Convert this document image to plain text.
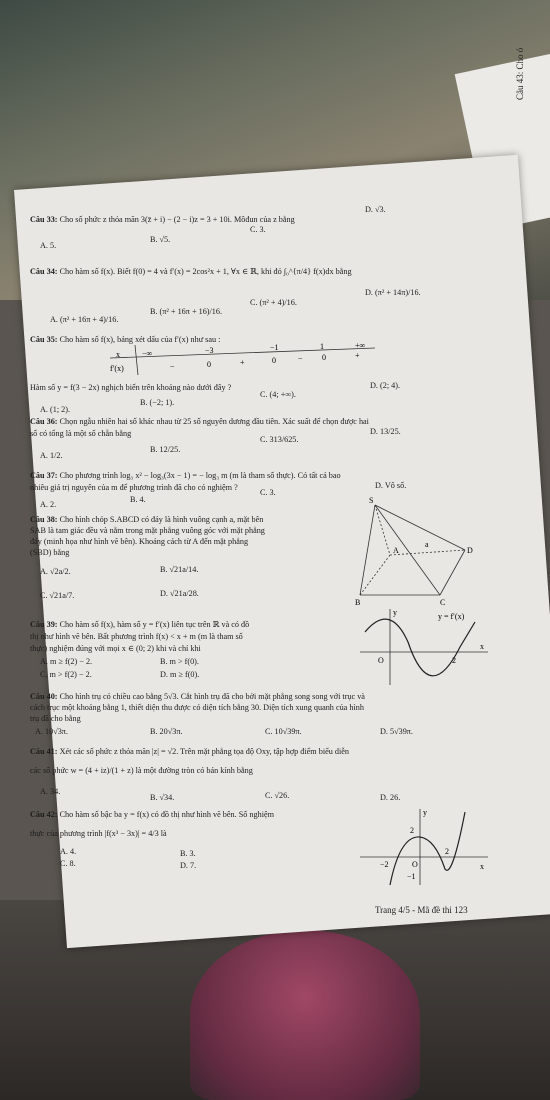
Câu 43: Cho ó
Câu 33: Cho số phức z thỏa mãn 3(z̄ + i) − (2 − i)z = 3 + 10i. Môđun của z bằng
A. 5.
B. √5.
C. 3.
D. √3.
Câu 34: Cho hàm số f(x). Biết f(0) = 4 và f′(x) = 2cos²x + 1, ∀x ∈ ℝ, khi đó ∫₀^{π/4} f(x)dx bằng
A. (π² + 16π + 4)/16.
B. (π² + 16π + 16)/16.
C. (π² + 4)/16.
D. (π² + 14π)/16.
Câu 35: Cho hàm số f(x), bảng xét dấu của f′(x) như sau :
x	−∞	−3	−1	1	+∞
f′(x)	−	0	+	0	− 0	+
Hàm số y = f(3 − 2x) nghịch biến trên khoảng nào dưới đây ?
A. (1; 2).
B. (−2; 1).
C. (4; +∞).
D. (2; 4).
Câu 36: Chọn ngẫu nhiên hai số khác nhau từ 25 số nguyên dương đầu tiên. Xác suất để chọn được hai
số có tổng là một số chẵn bằng
A. 1/2.
B. 12/25.
C. 313/625.
D. 13/25.
Câu 37: Cho phương trình log₃ x² − log₃(3x − 1) = − log₃ m (m là tham số thực). Có tất cả bao
nhiêu giá trị nguyên của m để phương trình đã cho có nghiệm ?
A. 2.
B. 4.
C. 3.
D. Vô số.
Câu 38: Cho hình chóp S.ABCD có đáy là hình vuông cạnh a, mặt bên
SAB là tam giác đều và nằm trong mặt phẳng vuông góc với mặt phẳng
đáy (minh họa như hình vẽ bên). Khoảng cách từ A đến mặt phẳng
(SBD) bằng
A. √2a/2.	B. √21a/14.
C. √21a/7.	D. √21a/28.
S
A
B	C
D
a
Câu 39: Cho hàm số f(x), hàm số y = f′(x) liên tục trên ℝ và có đồ
thị như hình vẽ bên. Bất phương trình f(x) < x + m (m là tham số
thực) nghiệm đúng với mọi x ∈ (0; 2) khi và chỉ khi
A. m ≥ f(2) − 2.	B. m > f(0).
C. m > f(2) − 2.	D. m ≥ f(0).
y = f′(x)
O	2
x
y
Câu 40: Cho hình trụ có chiều cao bằng 5√3. Cắt hình trụ đã cho bởi mặt phẳng song song với trục và
cách trục một khoảng bằng 1, thiết diện thu được có diện tích bằng 30. Diện tích xung quanh của hình
trụ đã cho bằng
A. 10√3π.	B. 20√3π.	C. 10√39π.	D. 5√39π.
Câu 41: Xét các số phức z thỏa mãn |z| = √2. Trên mặt phẳng tọa độ Oxy, tập hợp điểm biểu diễn
các số phức w = (4 + iz)/(1 + z) là một đường tròn có bán kính bằng
A. 34.
B. √34.	C. √26.	D. 26.
Câu 42: Cho hàm số bậc ba y = f(x) có đồ thị như hình vẽ bên. Số nghiệm
thực của phương trình |f(x³ − 3x)| = 4/3 là
A. 4.	B. 3.
C. 8.	D. 7.
2
−2	O
2
−1
x
y
Trang 4/5 - Mã đề thi 123
